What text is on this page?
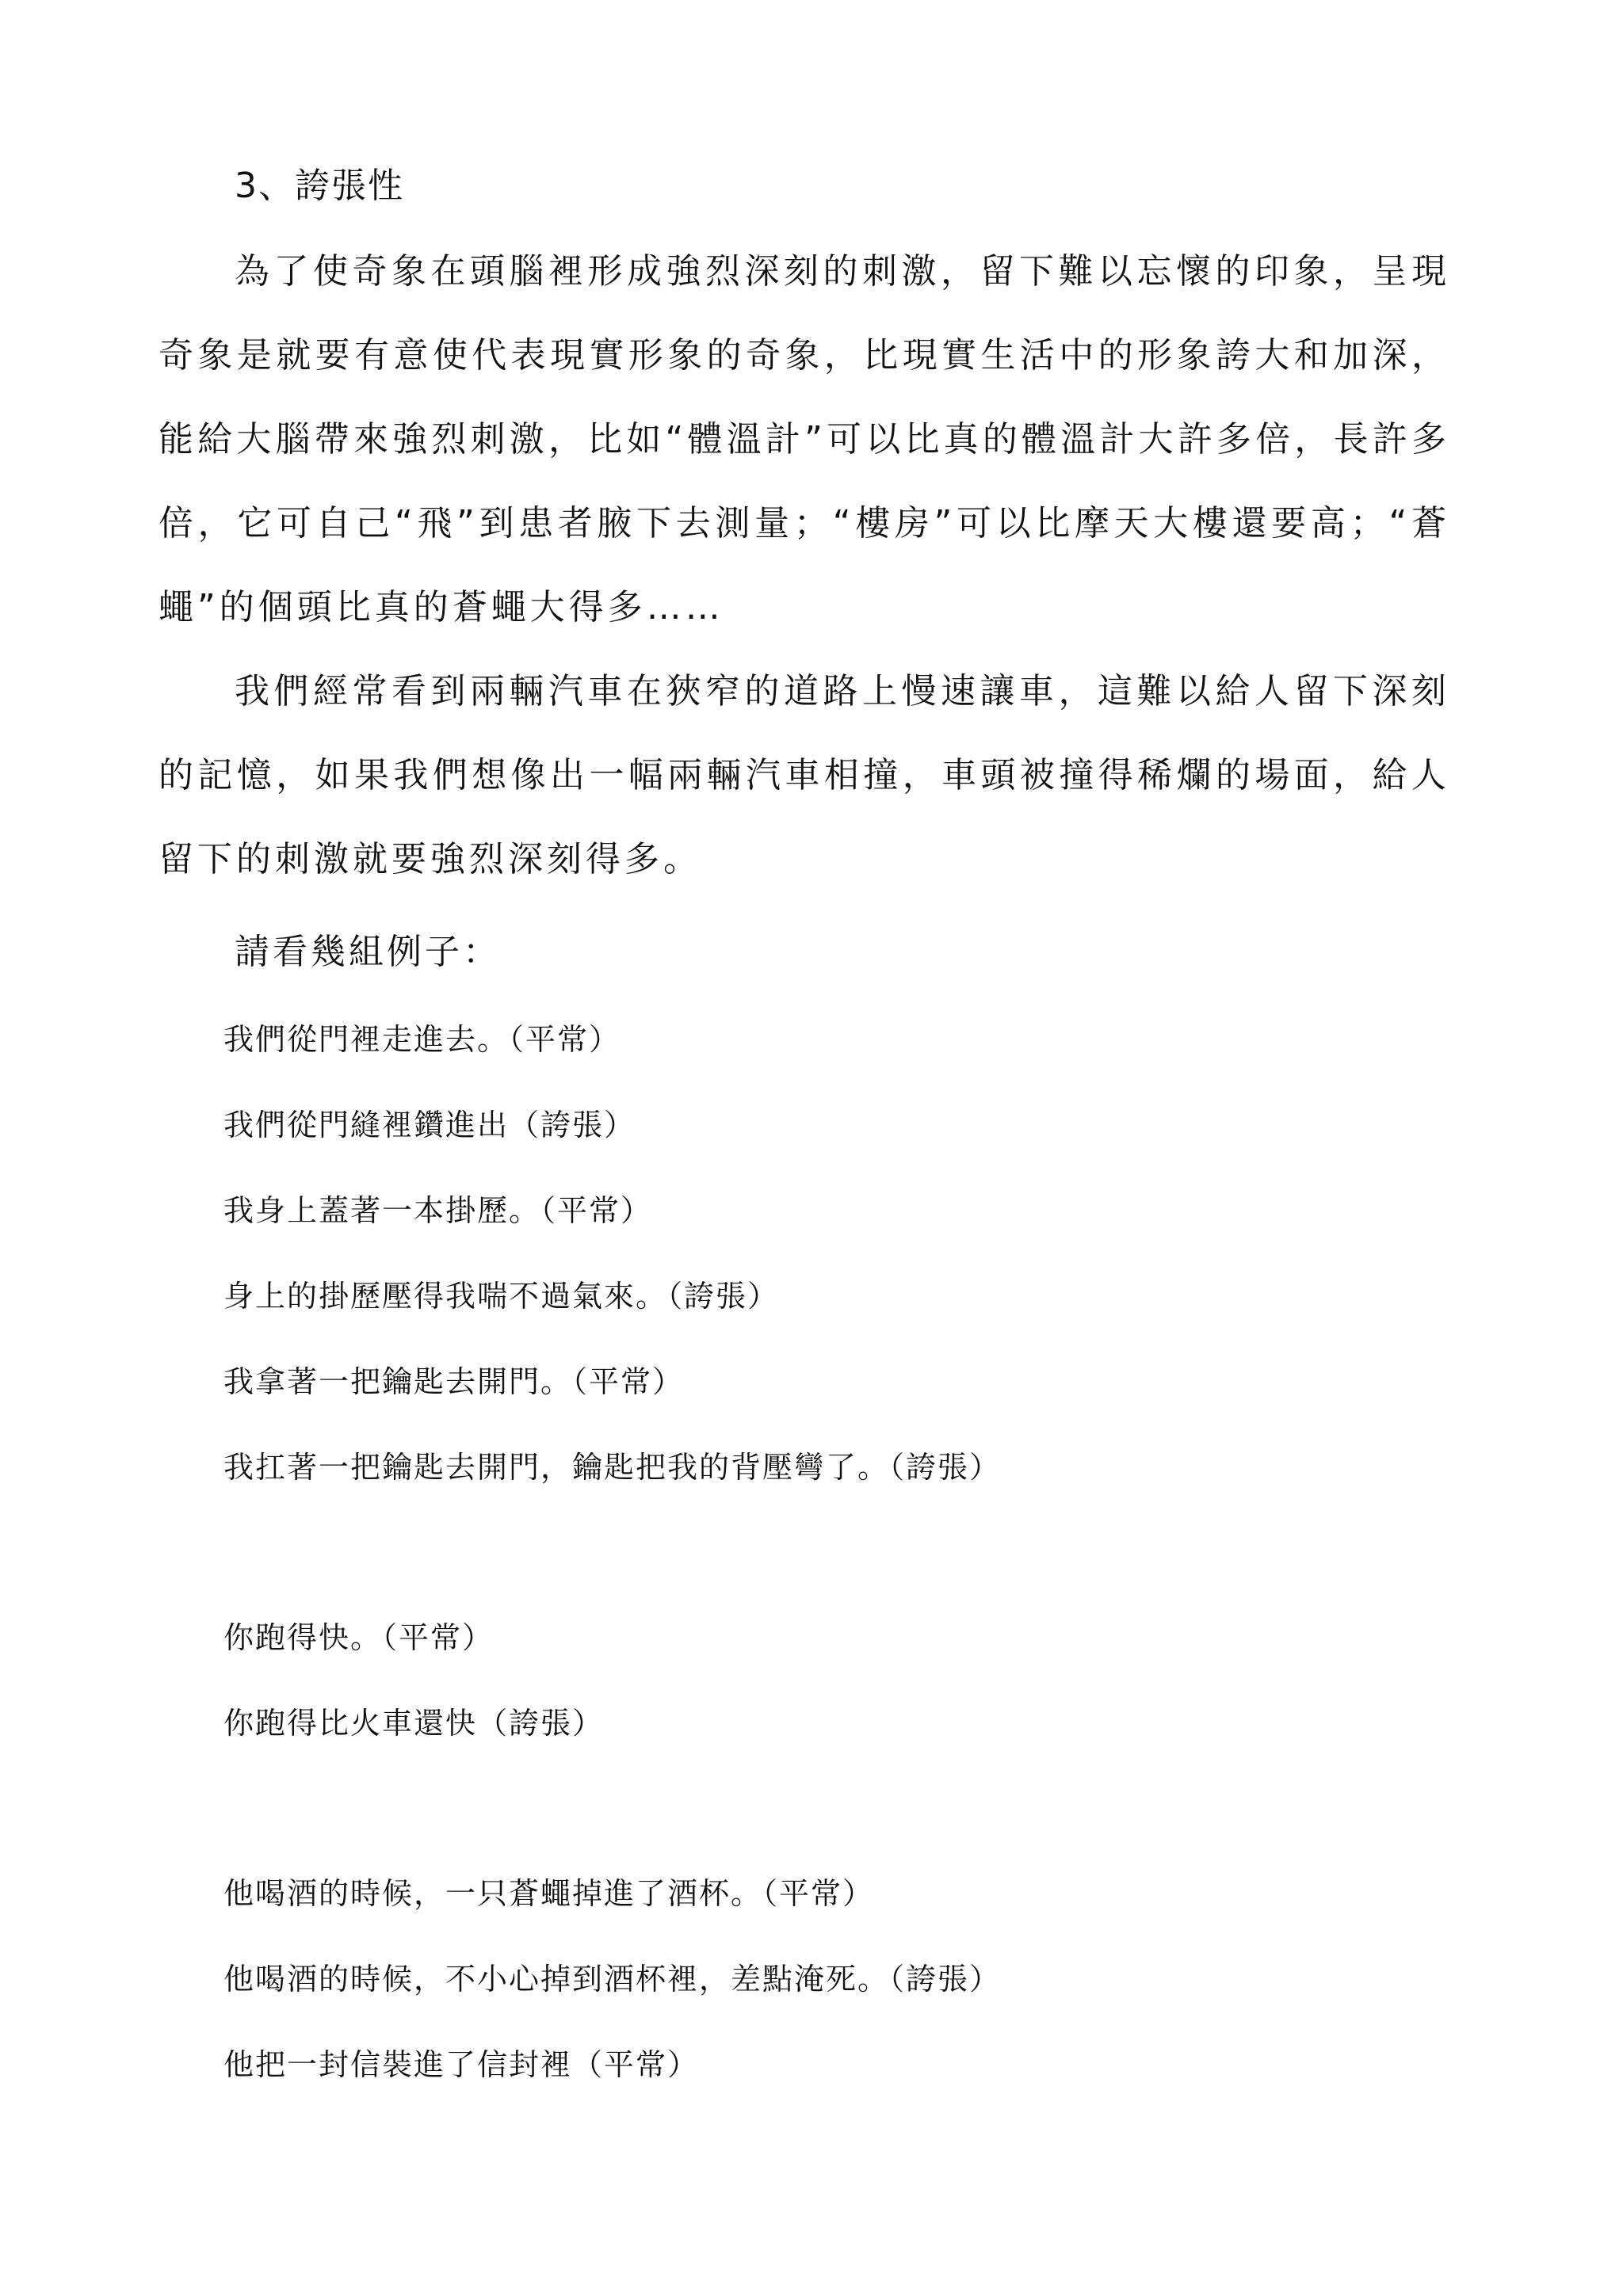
3、誇張性

為了使奇象在頭腦裡形成強烈深刻的刺激，留下難以忘懷的印象，呈現奇象是就要有意使代表現實形象的奇象，比現實生活中的形象誇大和加深，能給大腦帶來強烈刺激，比如“體溫計”可以比真的體溫計大許多倍，長許多倍，它可自己“飛”到患者腋下去測量；“樓房”可以比摩天大樓還要高；“蒼蠅”的個頭比真的蒼蠅大得多……

我們經常看到兩輛汽車在狹窄的道路上慢速讓車，這難以給人留下深刻的記憶，如果我們想像出一幅兩輛汽車相撞，車頭被撞得稀爛的場面，給人留下的刺激就要強烈深刻得多。

請看幾組例子：
我們從門裡走進去。（平常）
我們從門縫裡鑽進出（誇張）
我身上蓋著一本掛歷。（平常）
身上的掛歷壓得我喘不過氣來。（誇張）
我拿著一把鑰匙去開門。（平常）
我扛著一把鑰匙去開門，鑰匙把我的背壓彎了。（誇張）
你跑得快。（平常）
你跑得比火車還快（誇張）
他喝酒的時候，一只蒼蠅掉進了酒杯。（平常）
他喝酒的時候，不小心掉到酒杯裡，差點淹死。（誇張）
他把一封信裝進了信封裡（平常）
